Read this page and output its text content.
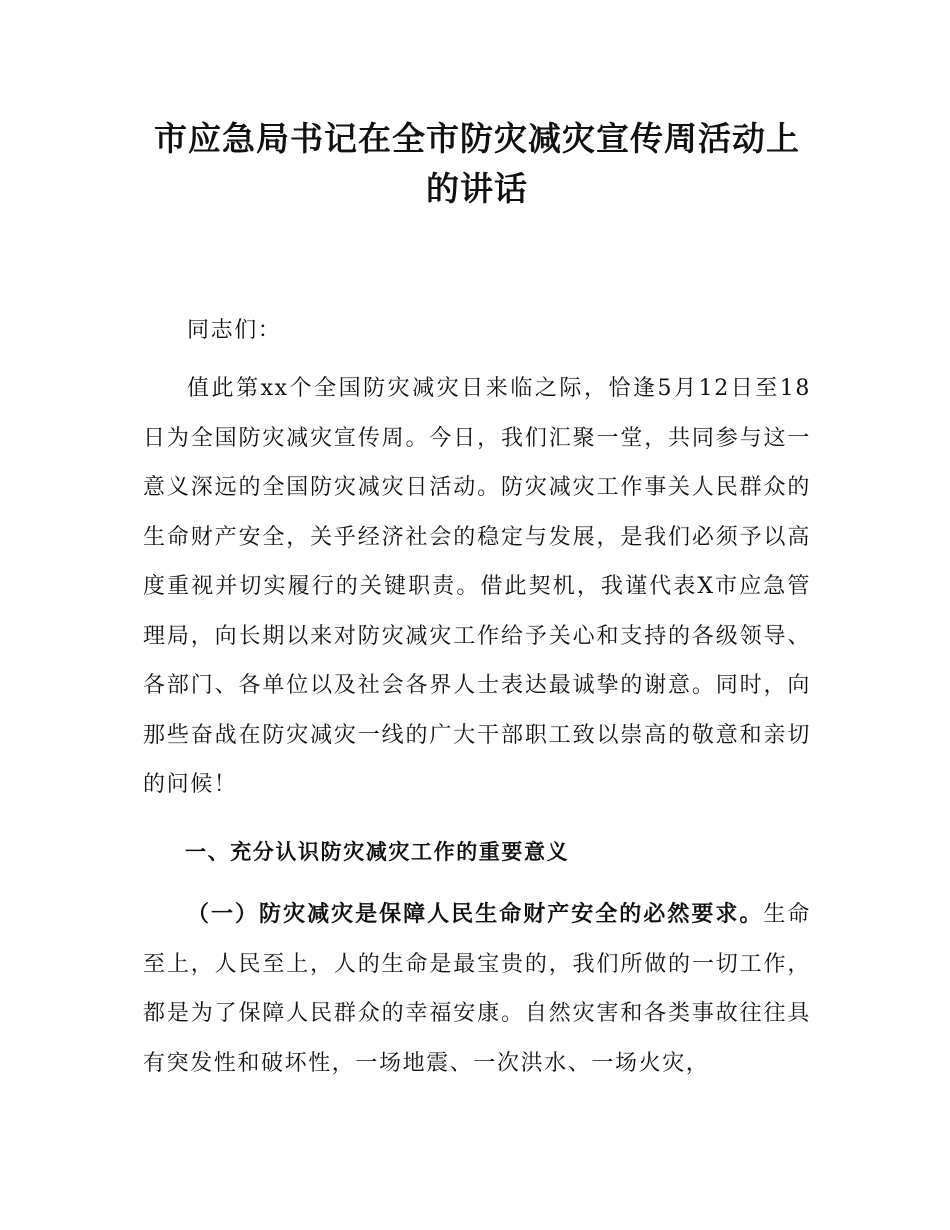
市应急局书记在全市防灾减灾宣传周活动上的讲话

同志们：

值此第xx个全国防灾减灾日来临之际，恰逢5月12日至18日为全国防灾减灾宣传周。今日，我们汇聚一堂，共同参与这一意义深远的全国防灾减灾日活动。防灾减灾工作事关人民群众的生命财产安全，关乎经济社会的稳定与发展，是我们必须予以高度重视并切实履行的关键职责。借此契机，我谨代表X市应急管理局，向长期以来对防灾减灾工作给予关心和支持的各级领导、各部门、各单位以及社会各界人士表达最诚挚的谢意。同时，向那些奋战在防灾减灾一线的广大干部职工致以崇高的敬意和亲切的问候！

一、充分认识防灾减灾工作的重要意义

（一）防灾减灾是保障人民生命财产安全的必然要求。生命至上，人民至上，人的生命是最宝贵的，我们所做的一切工作，都是为了保障人民群众的幸福安康。自然灾害和各类事故往往具有突发性和破坏性，一场地震、一次洪水、一场火灾，
